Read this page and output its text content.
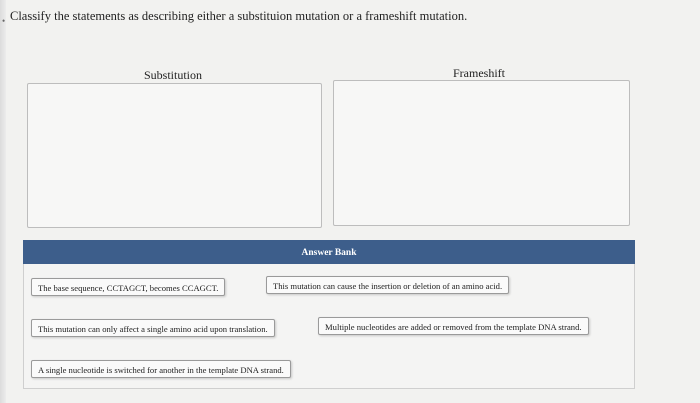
• Classify the statements as describing either a substituion mutation or a frameshift mutation.
Substitution	Frameshift
Answer Bank
The base sequence, CCTAGCT, becomes CCAGCT.	This mutation can cause the insertion or deletion of an amino acid.
This mutation can only affect a single amino acid upon translation.	Multiple nucleotides are added or removed from the template DNA strand.
A single nucleotide is switched for another in the template DNA strand.
